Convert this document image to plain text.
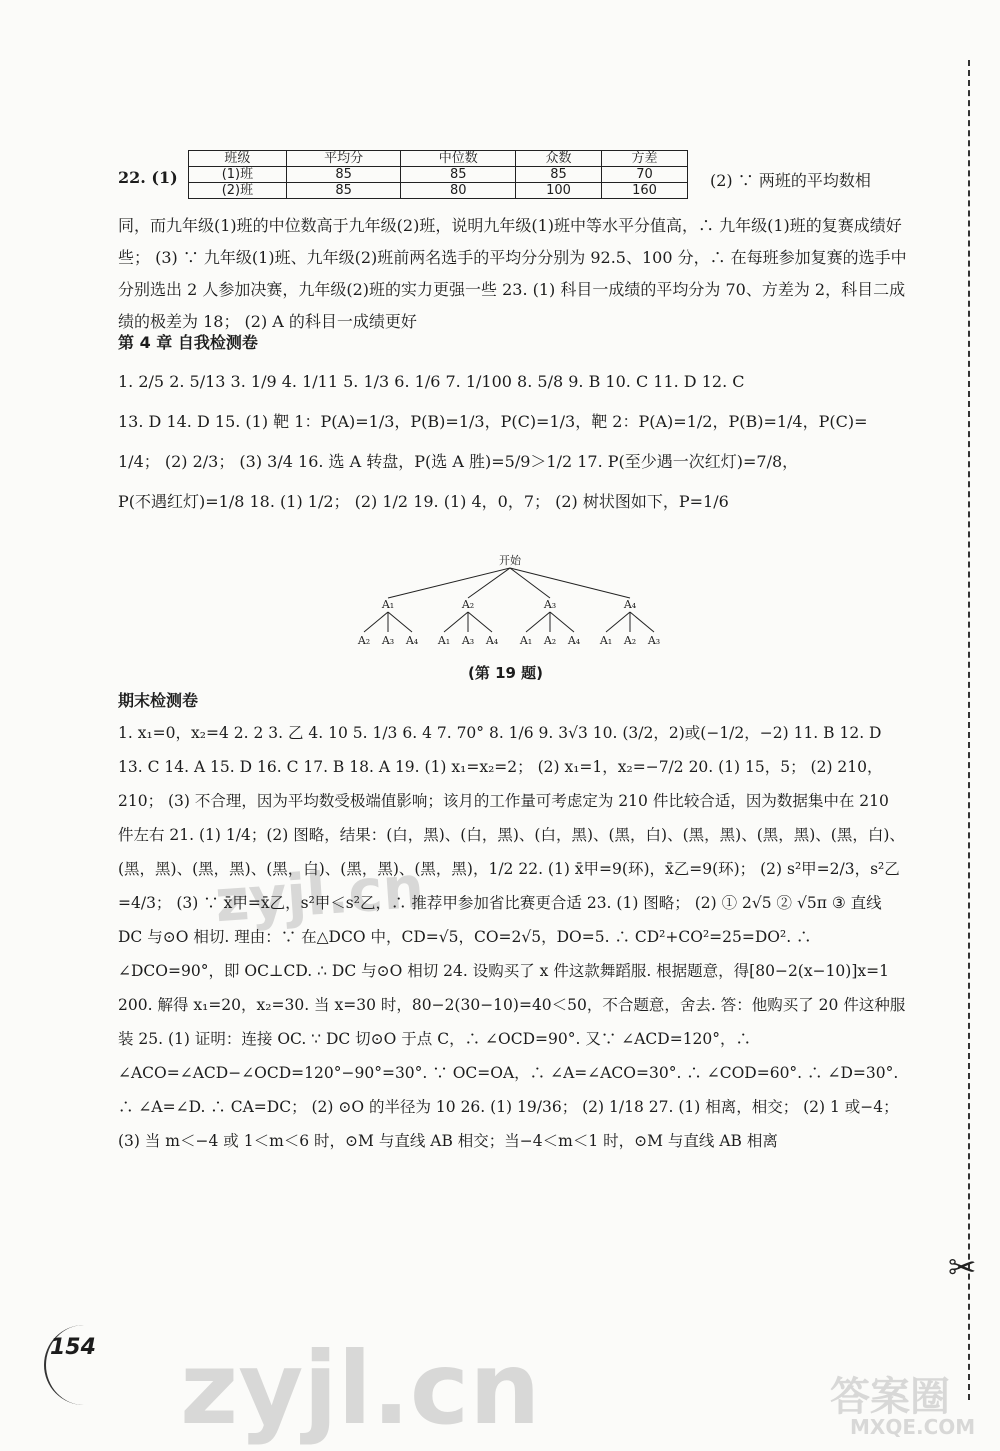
22. (1)
班级	平均分	中位数	众数	方差
(1)班	85	85	85	70
(2)班	85	80	100	160
(2) ∵ 两班的平均数相
同，而九年级(1)班的中位数高于九年级(2)班，说明九年级(1)班中等水平分值高，∴ 九年级(1)班的复赛成绩好些； (3) ∵ 九年级(1)班、九年级(2)班前两名选手的平均分分别为 92.5、100 分，∴ 在每班参加复赛的选手中分别选出 2 人参加决赛，九年级(2)班的实力更强一些 23. (1) 科目一成绩的平均分为 70、方差为 2，科目二成绩的极差为 18； (2) A 的科目一成绩更好
第 4 章 自我检测卷
1. 2/5 2. 5/13 3. 1/9 4. 1/11 5. 1/3 6. 1/6 7. 1/100 8. 5/8 9. B 10. C 11. D 12. C
13. D 14. D 15. (1) 靶 1：P(A)=1/3，P(B)=1/3，P(C)=1/3，靶 2：P(A)=1/2，P(B)=1/4，P(C)=
1/4； (2) 2/3； (3) 3/4 16. 选 A 转盘，P(选 A 胜)=5/9＞1/2 17. P(至少遇一次红灯)=7/8，
P(不遇红灯)=1/8 18. (1) 1/2； (2) 1/2 19. (1) 4，0，7； (2) 树状图如下，P=1/6
开始
A₁	A₂	A₃	A₄
A₂ A₃ A₄ A₁ A₃ A₄ A₁ A₂ A₄ A₁ A₂ A₃
(第 19 题)
期末检测卷
1. x₁=0，x₂=4 2. 2 3. 乙 4. 10 5. 1/3 6. 4 7. 70° 8. 1/6 9. 3√3 10. (3/2，2)或(−1/2，−2) 11. B 12. D 13. C 14. A 15. D 16. C 17. B 18. A 19. (1) x₁=x₂=2； (2) x₁=1，x₂=−7/2 20. (1) 15，5； (2) 210，210； (3) 不合理，因为平均数受极端值影响；该月的工作量可考虑定为 210 件比较合适，因为数据集中在 210 件左右 21. (1) 1/4；(2) 图略，结果：(白，黑)、(白，黑)、(白，黑)、(黑，白)、(黑，黑)、(黑，黑)、(黑，白)、(黑，黑)、(黑，黑)、(黑，白)、(黑，黑)、(黑，黑)，1/2 22. (1) x̄甲=9(环)，x̄乙=9(环)； (2) s²甲=2/3，s²乙=4/3； (3) ∵ x̄甲=x̄乙，s²甲＜s²乙，∴ 推荐甲参加省比赛更合适 23. (1) 图略； (2) ① 2√5 ② √5π ③ 直线 DC 与⊙O 相切. 理由：∵ 在△DCO 中，CD=√5，CO=2√5，DO=5. ∴ CD²+CO²=25=DO². ∴ ∠DCO=90°，即 OC⊥CD. ∴ DC 与⊙O 相切 24. 设购买了 x 件这款舞蹈服. 根据题意，得[80−2(x−10)]x=1 200. 解得 x₁=20，x₂=30. 当 x=30 时，80−2(30−10)=40＜50，不合题意，舍去. 答：他购买了 20 件这种服装 25. (1) 证明：连接 OC. ∵ DC 切⊙O 于点 C，∴ ∠OCD=90°. 又∵ ∠ACD=120°，∴ ∠ACO=∠ACD−∠OCD=120°−90°=30°. ∵ OC=OA，∴ ∠A=∠ACO=30°. ∴ ∠COD=60°. ∴ ∠D=30°. ∴ ∠A=∠D. ∴ CA=DC； (2) ⊙O 的半径为 10 26. (1) 19/36； (2) 1/18 27. (1) 相离，相交； (2) 1 或−4； (3) 当 m＜−4 或 1＜m＜6 时，⊙M 与直线 AB 相交；当−4＜m＜1 时，⊙M 与直线 AB 相离
✂
154
zyjl.cn
zyjl.cn	答案圈
MXQE.COM
